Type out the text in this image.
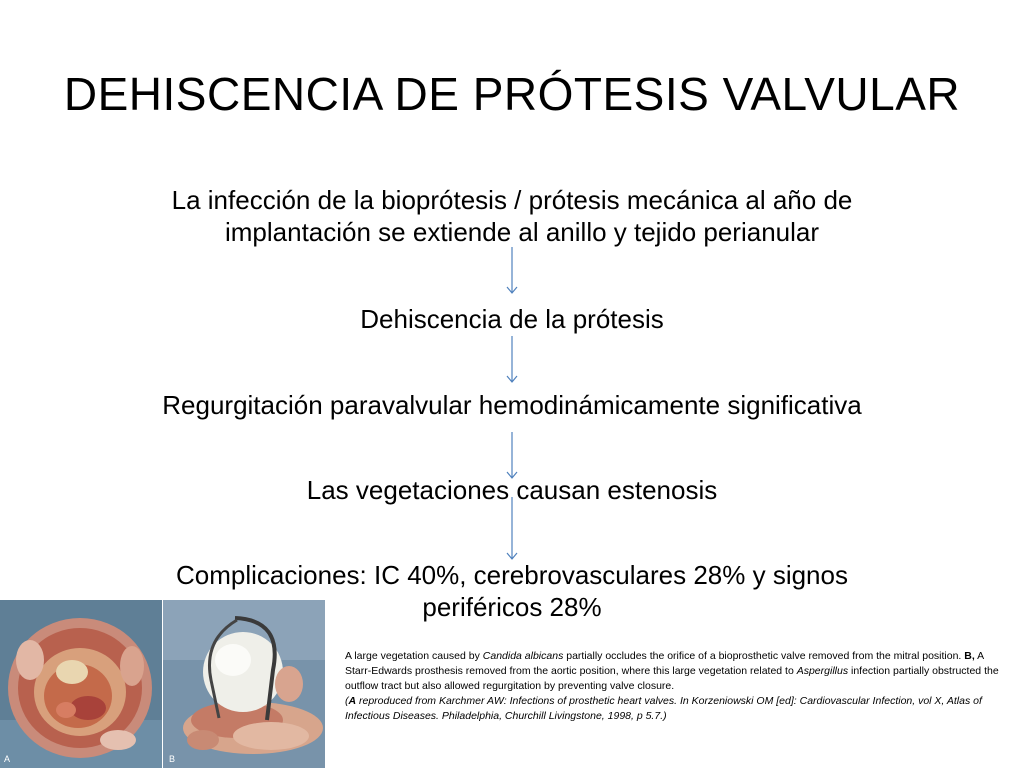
DEHISCENCIA DE PRÓTESIS VALVULAR
La infección de la bioprótesis / prótesis mecánica al año de
implantación se extiende al anillo y tejido perianular
Dehiscencia de la prótesis
Regurgitación paravalvular hemodinámicamente significativa
Las vegetaciones causan estenosis
Complicaciones: IC 40%, cerebrovasculares 28% y signos
periféricos 28%
A	B

A large vegetation caused by Candida albicans partially occludes the orifice of a bioprosthetic valve removed from the mitral position. B, A Starr-Edwards prosthesis removed from the aortic position, where this large vegetation related to Aspergillus infection partially obstructed the outflow tract but also allowed regurgitation by preventing valve closure.

(A reproduced from Karchmer AW: Infections of prosthetic heart valves. In Korzeniowski OM [ed]: Cardiovascular Infection, vol X, Atlas of Infectious Diseases. Philadelphia, Churchill Livingstone, 1998, p 5.7.)
